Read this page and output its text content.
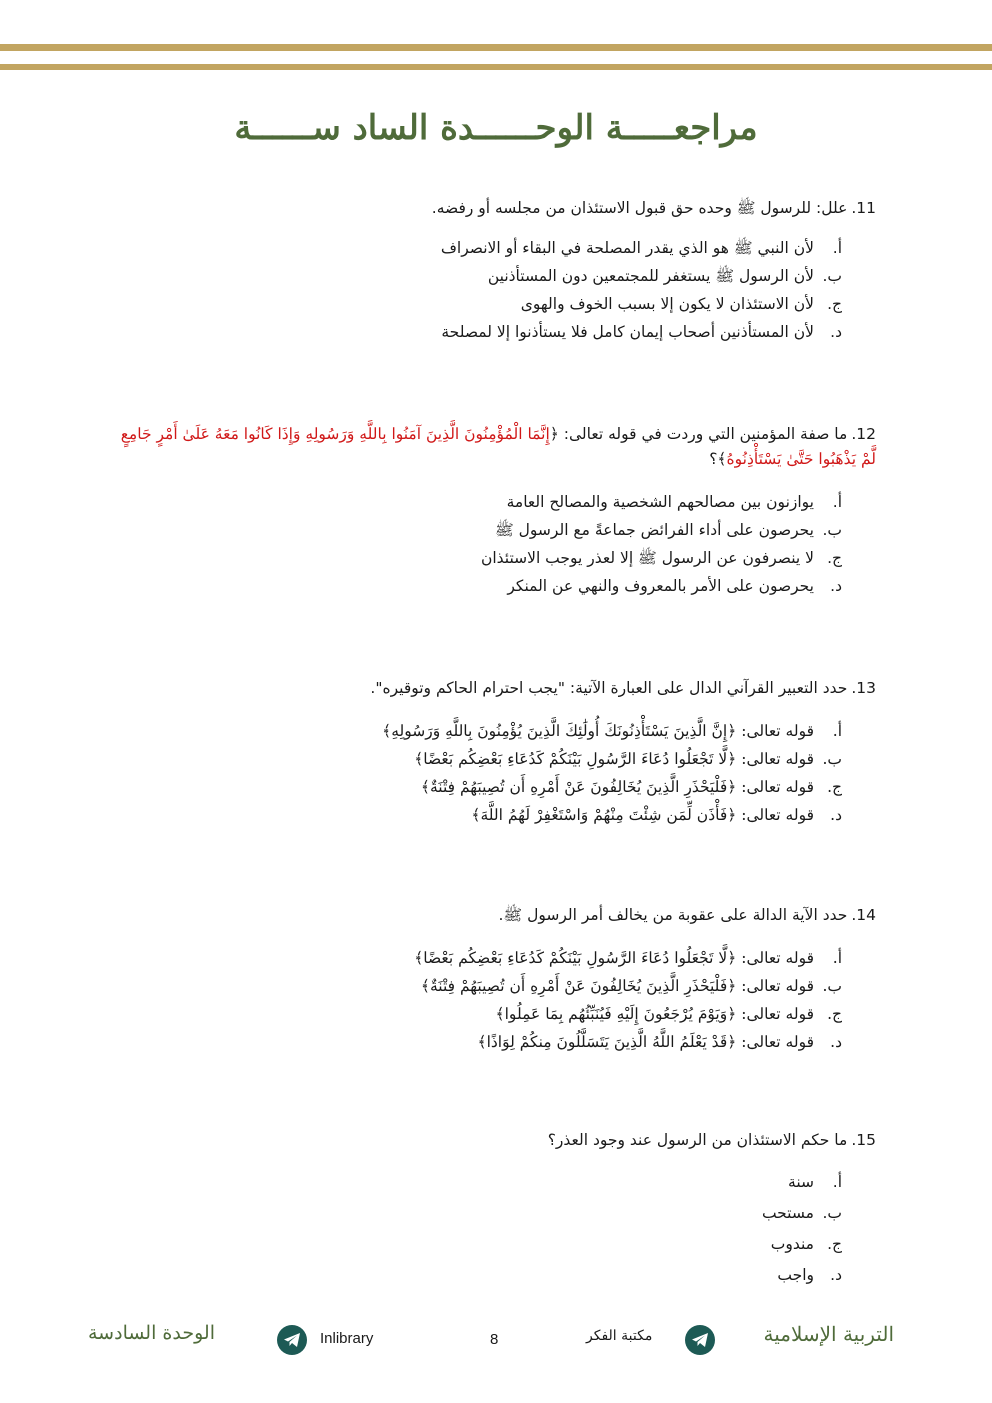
مراجعـــــة الوحــــــدة الساد ســــــة
11.علل: للرسول ﷺ وحده حق قبول الاستئذان من مجلسه أو رفضه.
أ.لأن النبي ﷺ هو الذي يقدر المصلحة في البقاء أو الانصراف
ب.لأن الرسول ﷺ يستغفر للمجتمعين دون المستأذنين
ج.لأن الاستئذان لا يكون إلا بسبب الخوف والهوى
د.لأن المستأذنين أصحاب إيمان كامل فلا يستأذنوا إلا لمصلحة
12.ما صفة المؤمنين التي وردت في قوله تعالى: ﴿إِنَّمَا الْمُؤْمِنُونَ الَّذِينَ آمَنُوا بِاللَّهِ وَرَسُولِهِ وَإِذَا كَانُوا مَعَهُ عَلَىٰ أَمْرٍ جَامِعٍ لَّمْ يَذْهَبُوا حَتَّىٰ يَسْتَأْذِنُوهُ﴾؟
أ.يوازنون بين مصالحهم الشخصية والمصالح العامة
ب.يحرصون على أداء الفرائض جماعةً مع الرسول ﷺ
ج.لا ينصرفون عن الرسول ﷺ إلا لعذر يوجب الاستئذان
د.يحرصون على الأمر بالمعروف والنهي عن المنكر
13.حدد التعبير القرآني الدال على العبارة الآتية: "يجب احترام الحاكم وتوقيره".
أ.قوله تعالى: ﴿إِنَّ الَّذِينَ يَسْتَأْذِنُونَكَ أُولَٰئِكَ الَّذِينَ يُؤْمِنُونَ بِاللَّهِ وَرَسُولِهِ﴾
ب.قوله تعالى: ﴿لَّا تَجْعَلُوا دُعَاءَ الرَّسُولِ بَيْنَكُمْ كَدُعَاءِ بَعْضِكُم بَعْضًا﴾
ج.قوله تعالى: ﴿فَلْيَحْذَرِ الَّذِينَ يُخَالِفُونَ عَنْ أَمْرِهِ أَن تُصِيبَهُمْ فِتْنَةٌ﴾
د.قوله تعالى: ﴿فَأْذَن لِّمَن شِئْتَ مِنْهُمْ وَاسْتَغْفِرْ لَهُمُ اللَّهَ﴾
14.حدد الآية الدالة على عقوبة من يخالف أمر الرسول ﷺ.
أ.قوله تعالى: ﴿لَّا تَجْعَلُوا دُعَاءَ الرَّسُولِ بَيْنَكُمْ كَدُعَاءِ بَعْضِكُم بَعْضًا﴾
ب.قوله تعالى: ﴿فَلْيَحْذَرِ الَّذِينَ يُخَالِفُونَ عَنْ أَمْرِهِ أَن تُصِيبَهُمْ فِتْنَةٌ﴾
ج.قوله تعالى: ﴿وَيَوْمَ يُرْجَعُونَ إِلَيْهِ فَيُنَبِّئُهُم بِمَا عَمِلُوا﴾
د.قوله تعالى: ﴿قَدْ يَعْلَمُ اللَّهُ الَّذِينَ يَتَسَلَّلُونَ مِنكُمْ لِوَاذًا﴾
15.ما حكم الاستئذان من الرسول عند وجود العذر؟
أ.سنة
ب.مستحب
ج.مندوب
د.واجب
التربية الإسلامية
مكتبة الفكر
8
Inlibrary
الوحدة السادسة
